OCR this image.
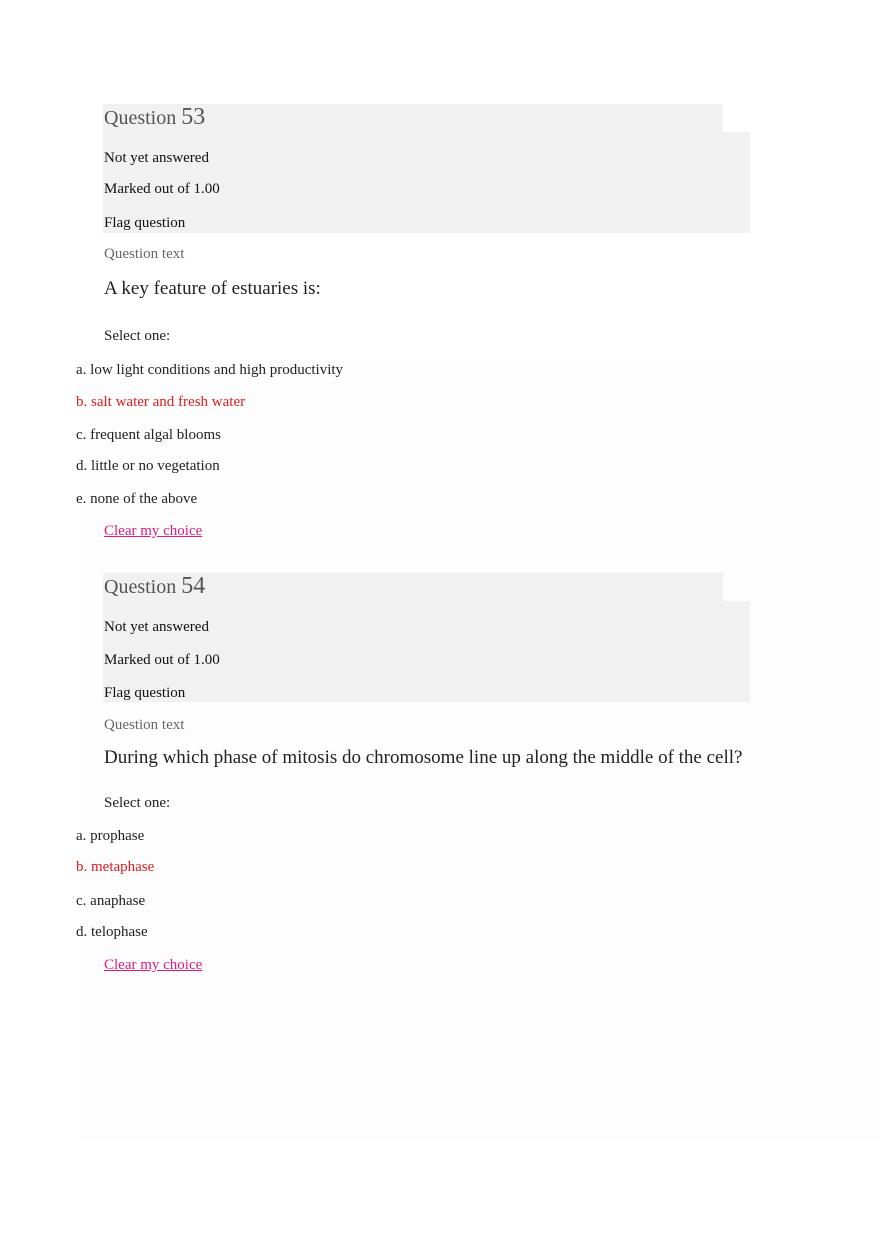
Question 53
Not yet answered
Marked out of 1.00
Flag question
Question text
A key feature of estuaries is:
Select one:
a. low light conditions and high productivity
b. salt water and fresh water
c. frequent algal blooms
d. little or no vegetation
e. none of the above
Clear my choice
Question 54
Not yet answered
Marked out of 1.00
Flag question
Question text
During which phase of mitosis do chromosome line up along the middle of the cell?
Select one:
a. prophase
b. metaphase
c. anaphase
d. telophase
Clear my choice
